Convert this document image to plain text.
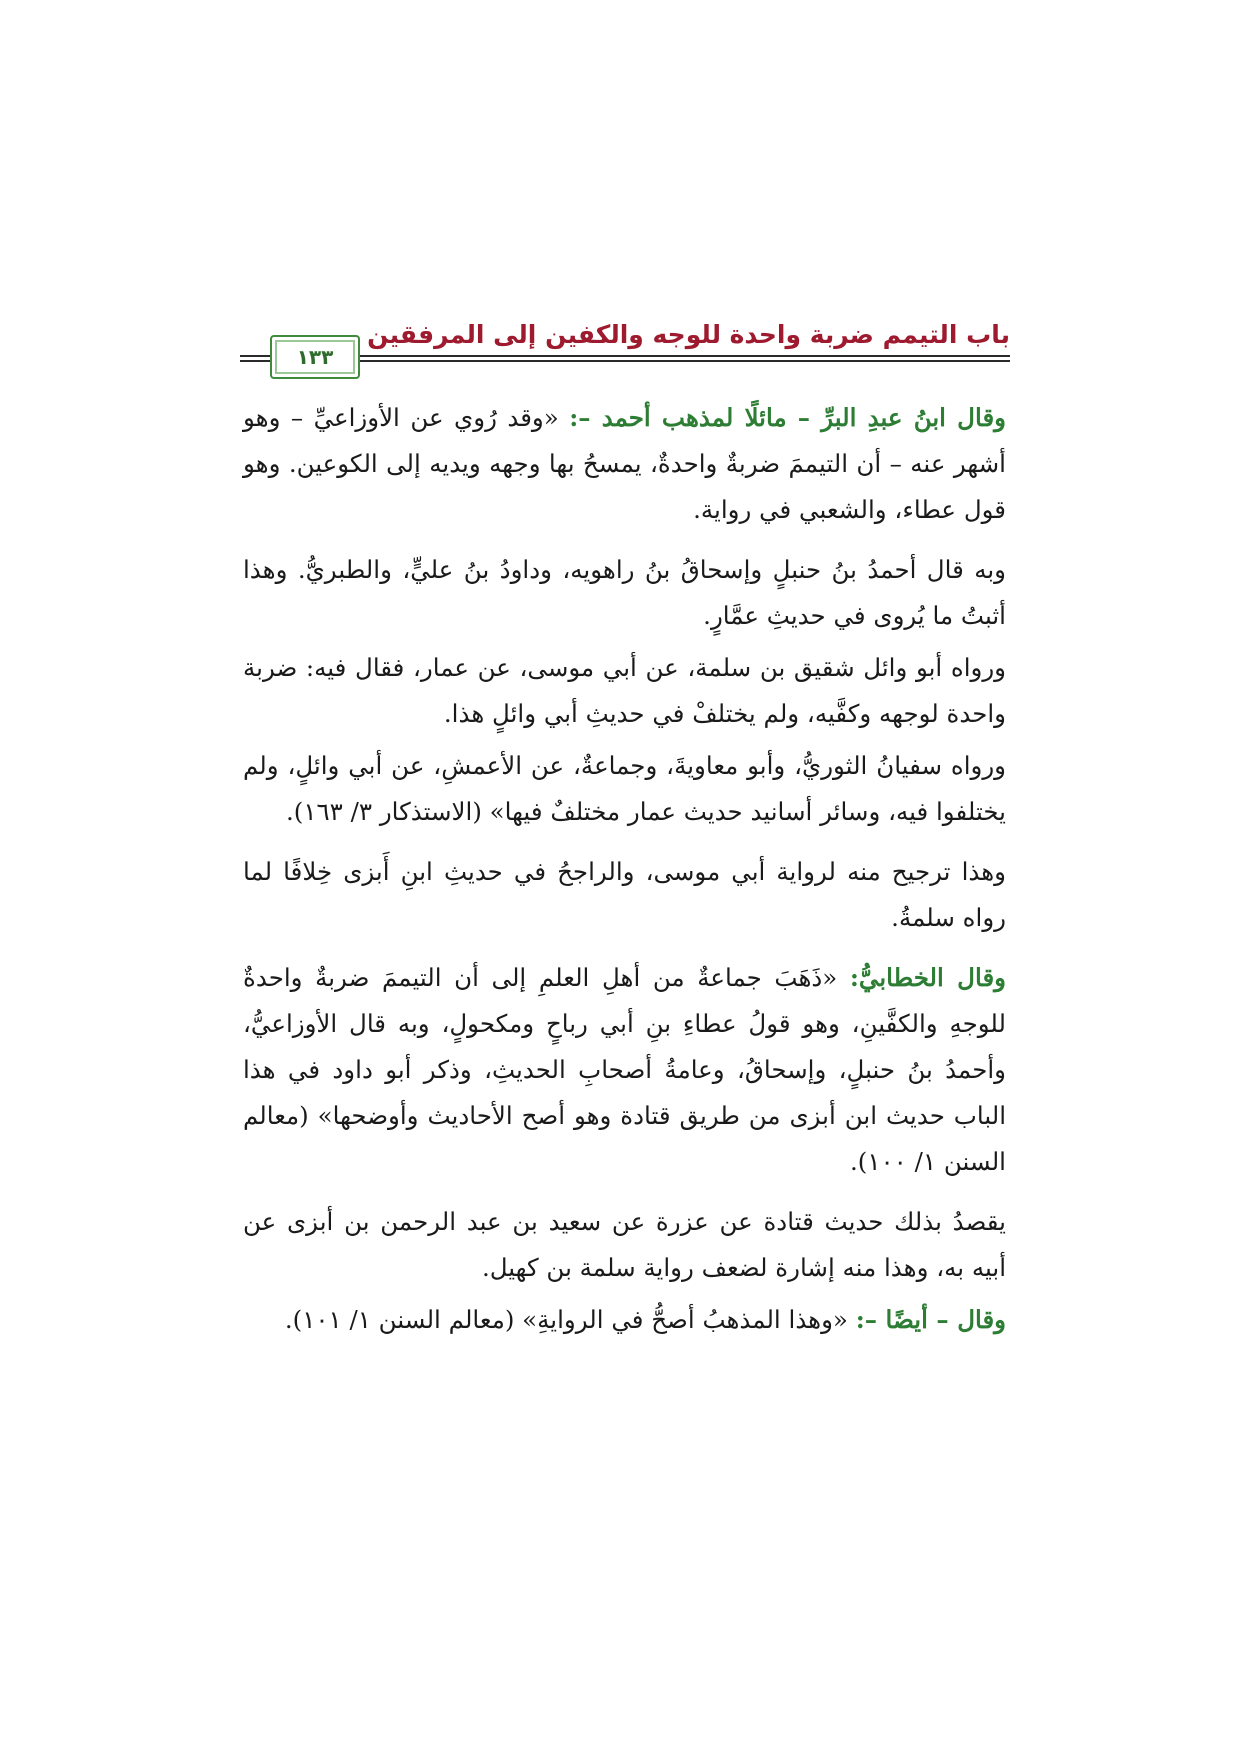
باب التيمم ضربة واحدة للوجه والكفين إلى المرفقين
١٣٣

وقال ابنُ عبدِ البرِّ – مائلًا لمذهب أحمد –: «وقد رُوي عن الأوزاعيِّ – وهو أشهر عنه – أن التيممَ ضربةٌ واحدةٌ، يمسحُ بها وجهه ويديه إلى الكوعين. وهو قول عطاء، والشعبي في رواية.

وبه قال أحمدُ بنُ حنبلٍ وإسحاقُ بنُ راهويه، وداودُ بنُ عليٍّ، والطبريُّ. وهذا أثبتُ ما يُروى في حديثِ عمَّارٍ.

ورواه أبو وائل شقيق بن سلمة، عن أبي موسى، عن عمار، فقال فيه: ضربة واحدة لوجهه وكفَّيه، ولم يختلفْ في حديثِ أبي وائلٍ هذا.

ورواه سفيانُ الثوريُّ، وأبو معاويةَ، وجماعةٌ، عن الأعمشِ، عن أبي وائلٍ، ولم يختلفوا فيه، وسائر أسانيد حديث عمار مختلفٌ فيها» (الاستذكار ٣/ ١٦٣).

وهذا ترجيح منه لرواية أبي موسى، والراجحُ في حديثِ ابنِ أَبزى خِلافًا لما رواه سلمةُ.

وقال الخطابيُّ: «ذَهَبَ جماعةٌ من أهلِ العلمِ إلى أن التيممَ ضربةٌ واحدةٌ للوجهِ والكفَّينِ، وهو قولُ عطاءِ بنِ أبي رباحٍ ومكحولٍ، وبه قال الأوزاعيُّ، وأحمدُ بنُ حنبلٍ، وإسحاقُ، وعامةُ أصحابِ الحديثِ، وذكر أبو داود في هذا الباب حديث ابن أبزى من طريق قتادة وهو أصح الأحاديث وأوضحها» (معالم السنن ١/ ١٠٠).

يقصدُ بذلك حديث قتادة عن عزرة عن سعيد بن عبد الرحمن بن أبزى عن أبيه به، وهذا منه إشارة لضعف رواية سلمة بن كهيل.

وقال – أيضًا –: «وهذا المذهبُ أصحُّ في الروايةِ» (معالم السنن ١/ ١٠١).
